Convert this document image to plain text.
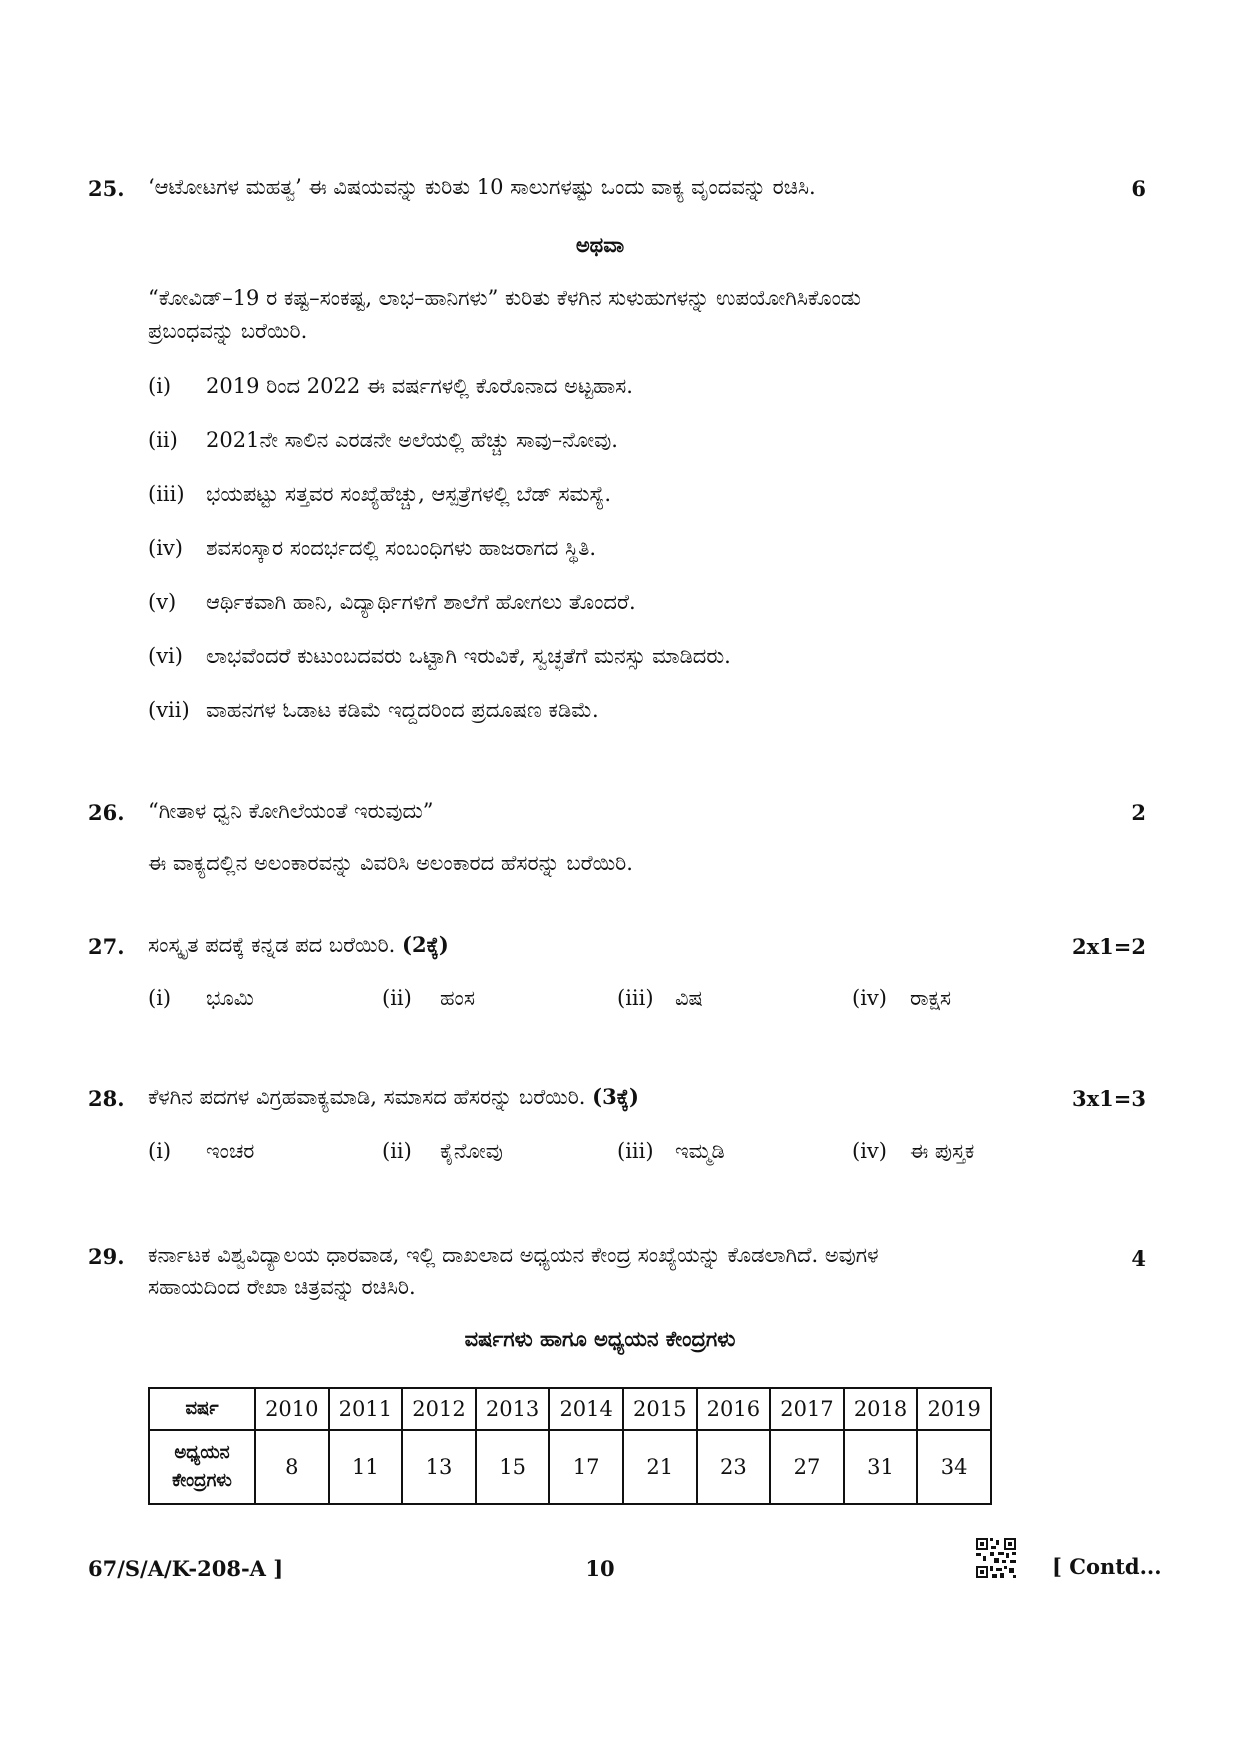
25. ‘ಆಟೋಟಗಳ ಮಹತ್ವ’ ಈ ವಿಷಯವನ್ನು ಕುರಿತು 10 ಸಾಲುಗಳಷ್ಟು ಒಂದು ವಾಕ್ಯ ವೃಂದವನ್ನು ರಚಿಸಿ.	6
ಅಥವಾ
“ಕೋವಿಡ್–19 ರ ಕಷ್ಟ–ಸಂಕಷ್ಟ, ಲಾಭ–ಹಾನಿಗಳು” ಕುರಿತು ಕೆಳಗಿನ ಸುಳುಹುಗಳನ್ನು ಉಪಯೋಗಿಸಿಕೊಂಡು
ಪ್ರಬಂಧವನ್ನು ಬರೆಯಿರಿ.
(i) 2019 ರಿಂದ 2022 ಈ ವರ್ಷಗಳಲ್ಲಿ ಕೊರೊನಾದ ಅಟ್ಟಹಾಸ.
(ii) 2021ನೇ ಸಾಲಿನ ಎರಡನೇ ಅಲೆಯಲ್ಲಿ ಹೆಚ್ಚು ಸಾವು–ನೋವು.
(iii) ಭಯಪಟ್ಟು ಸತ್ತವರ ಸಂಖ್ಯೆಹೆಚ್ಚು, ಆಸ್ಪತ್ರೆಗಳಲ್ಲಿ ಬೆಡ್ ಸಮಸ್ಯೆ.
(iv) ಶವಸಂಸ್ಕಾರ ಸಂದರ್ಭದಲ್ಲಿ ಸಂಬಂಧಿಗಳು ಹಾಜರಾಗದ ಸ್ಥಿತಿ.
(v) ಆರ್ಥಿಕವಾಗಿ ಹಾನಿ, ವಿದ್ಯಾರ್ಥಿಗಳಿಗೆ ಶಾಲೆಗೆ ಹೋಗಲು ತೊಂದರೆ.
(vi) ಲಾಭವೆಂದರೆ ಕುಟುಂಬದವರು ಒಟ್ಟಾಗಿ ಇರುವಿಕೆ, ಸ್ವಚ್ಛತೆಗೆ ಮನಸ್ಸು ಮಾಡಿದರು.
(vii) ವಾಹನಗಳ ಓಡಾಟ ಕಡಿಮೆ ಇದ್ದದರಿಂದ ಪ್ರದೂಷಣ ಕಡಿಮೆ.
26. “ಗೀತಾಳ ಧ್ವನಿ ಕೋಗಿಲೆಯಂತೆ ಇರುವುದು”	2
ಈ ವಾಕ್ಯದಲ್ಲಿನ ಅಲಂಕಾರವನ್ನು ವಿವರಿಸಿ ಅಲಂಕಾರದ ಹೆಸರನ್ನು ಬರೆಯಿರಿ.
27. ಸಂಸ್ಕೃತ ಪದಕ್ಕೆ ಕನ್ನಡ ಪದ ಬರೆಯಿರಿ. (2ಕ್ಕೆ)	2x1=2
(i) ಭೂಮಿ	(ii) ಹಂಸ	(iii) ವಿಷ	(iv) ರಾಕ್ಷಸ
28. ಕೆಳಗಿನ ಪದಗಳ ವಿಗ್ರಹವಾಕ್ಯಮಾಡಿ, ಸಮಾಸದ ಹೆಸರನ್ನು ಬರೆಯಿರಿ. (3ಕ್ಕೆ)	3x1=3
(i) ಇಂಚರ	(ii) ಕೈನೋವು	(iii) ಇಮ್ಮಡಿ	(iv) ಈ ಪುಸ್ತಕ
29. ಕರ್ನಾಟಕ ವಿಶ್ವವಿದ್ಯಾಲಯ ಧಾರವಾಡ, ಇಲ್ಲಿ ದಾಖಲಾದ ಅಧ್ಯಯನ ಕೇಂದ್ರ ಸಂಖ್ಯೆಯನ್ನು ಕೊಡಲಾಗಿದೆ. ಅವುಗಳ
ಸಹಾಯದಿಂದ ರೇಖಾ ಚಿತ್ರವನ್ನು ರಚಿಸಿರಿ.
4
ವರ್ಷಗಳು ಹಾಗೂ ಅಧ್ಯಯನ ಕೇಂದ್ರಗಳು
ವರ್ಷ	2010	2011	2012	2013	2014	2015	2016	2017	2018	2019

ಅಧ್ಯಯನ
ಕೇಂದ್ರಗಳು	8	11	13	15	17	21	23	27	31	34
67/S/A/K-208-A ]	10	[ Contd...
